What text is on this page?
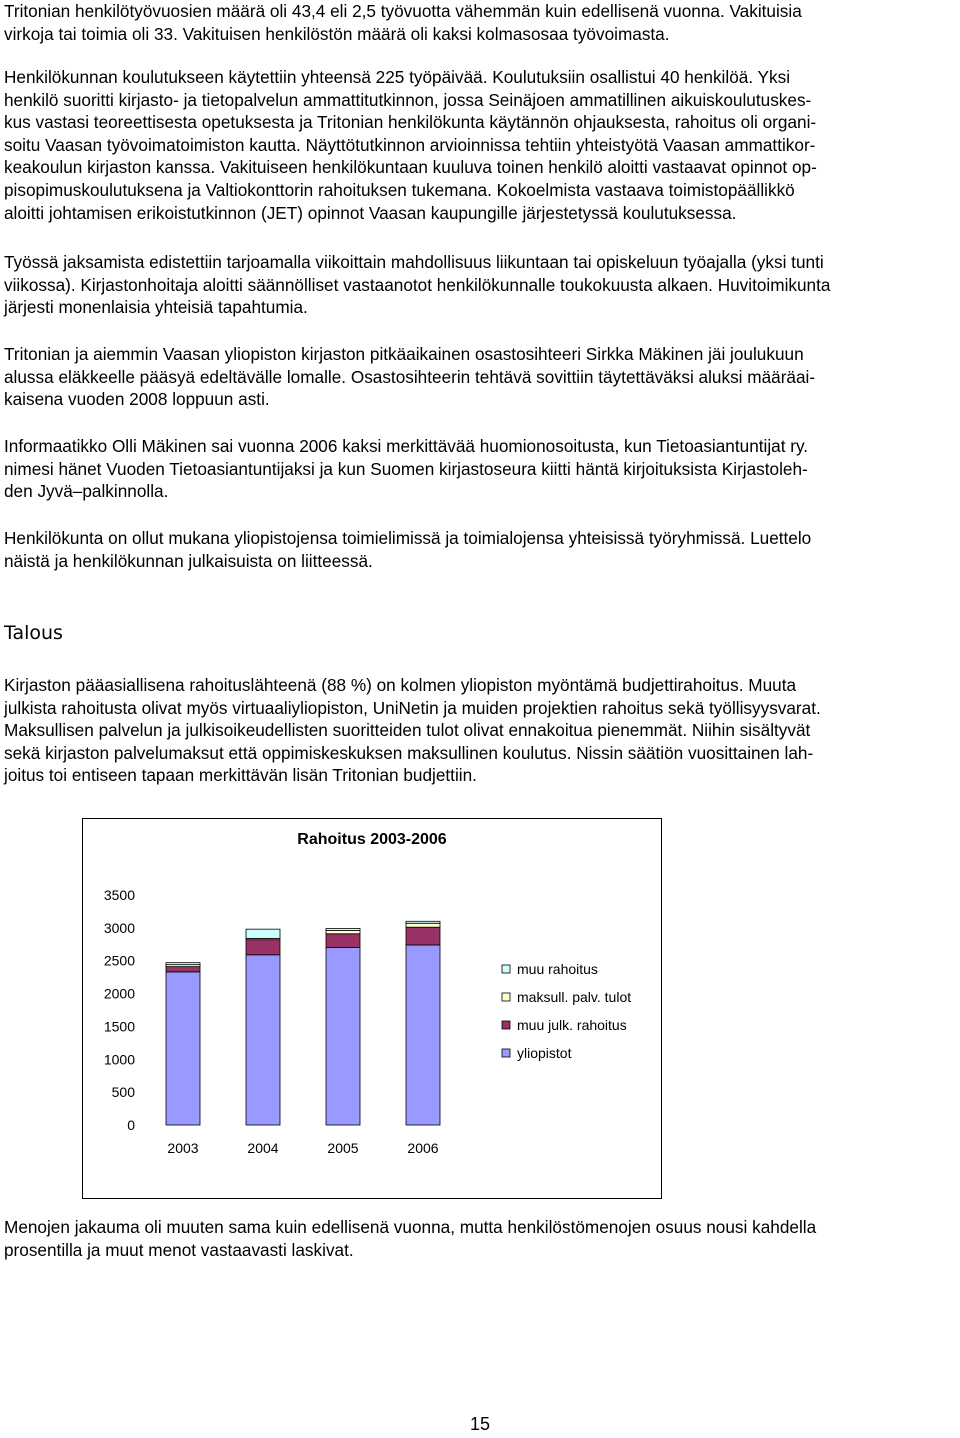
Tritonian henkilötyövuosien määrä oli 43,4 eli 2,5 työvuotta vähemmän kuin edellisenä vuonna. Vakituisia
virkoja tai toimia oli 33. Vakituisen henkilöstön määrä oli kaksi kolmasosaa työvoimasta.
Henkilökunnan koulutukseen käytettiin yhteensä 225 työpäivää. Koulutuksiin osallistui 40 henkilöä. Yksi
henkilö suoritti kirjasto- ja tietopalvelun ammattitutkinnon, jossa Seinäjoen ammatillinen aikuiskoulutuskes-
kus vastasi teoreettisesta opetuksesta ja Tritonian henkilökunta käytännön ohjauksesta, rahoitus oli organi-
soitu Vaasan työvoimatoimiston kautta. Näyttötutkinnon arvioinnissa tehtiin yhteistyötä Vaasan ammattikor-
keakoulun kirjaston kanssa. Vakituiseen henkilökuntaan kuuluva toinen henkilö aloitti vastaavat opinnot op-
pisopimuskoulutuksena ja Valtiokonttorin rahoituksen tukemana. Kokoelmista vastaava toimistopäällikkö
aloitti johtamisen erikoistutkinnon (JET) opinnot Vaasan kaupungille järjestetyssä koulutuksessa.
Työssä jaksamista edistettiin tarjoamalla viikoittain mahdollisuus liikuntaan tai opiskeluun työajalla (yksi tunti
viikossa). Kirjastonhoitaja aloitti säännölliset vastaanotot henkilökunnalle toukokuusta alkaen. Huvitoimikunta
järjesti monenlaisia yhteisiä tapahtumia.
Tritonian ja aiemmin Vaasan yliopiston kirjaston pitkäaikainen osastosihteeri Sirkka Mäkinen jäi joulukuun
alussa eläkkeelle pääsyä edeltävälle lomalle. Osastosihteerin tehtävä sovittiin täytettäväksi aluksi määräai-
kaisena vuoden 2008 loppuun asti.
Informaatikko Olli Mäkinen sai vuonna 2006 kaksi merkittävää huomionosoitusta, kun Tietoasiantuntijat ry.
nimesi hänet Vuoden Tietoasiantuntijaksi ja kun Suomen kirjastoseura kiitti häntä kirjoituksista Kirjastoleh-
den Jyvä–palkinnolla.
Henkilökunta on ollut mukana yliopistojensa toimielimissä ja toimialojensa yhteisissä työryhmissä. Luettelo
näistä ja henkilökunnan julkaisuista on liitteessä.
Talous
Kirjaston pääasiallisena rahoituslähteenä (88 %) on kolmen yliopiston myöntämä budjettirahoitus. Muuta
julkista rahoitusta olivat myös virtuaaliyliopiston, UniNetin ja muiden projektien rahoitus sekä työllisyysvarat.
Maksullisen palvelun ja julkisoikeudellisten suoritteiden tulot olivat ennakoitua pienemmät. Niihin sisältyvät
sekä kirjaston palvelumaksut että oppimiskeskuksen maksullinen koulutus. Nissin säätiön vuosittainen lah-
joitus toi entiseen tapaan merkittävän lisän Tritonian budjettiin.
Rahoitus 2003-2006
3500
3000
2500
2000
1500
1000
500
0
2003	2004	2005	2006
muu rahoitus
maksull. palv. tulot
muu julk. rahoitus
yliopistot
Menojen jakauma oli muuten sama kuin edellisenä vuonna, mutta henkilöstömenojen osuus nousi kahdella
prosentilla ja muut menot vastaavasti laskivat.
15
